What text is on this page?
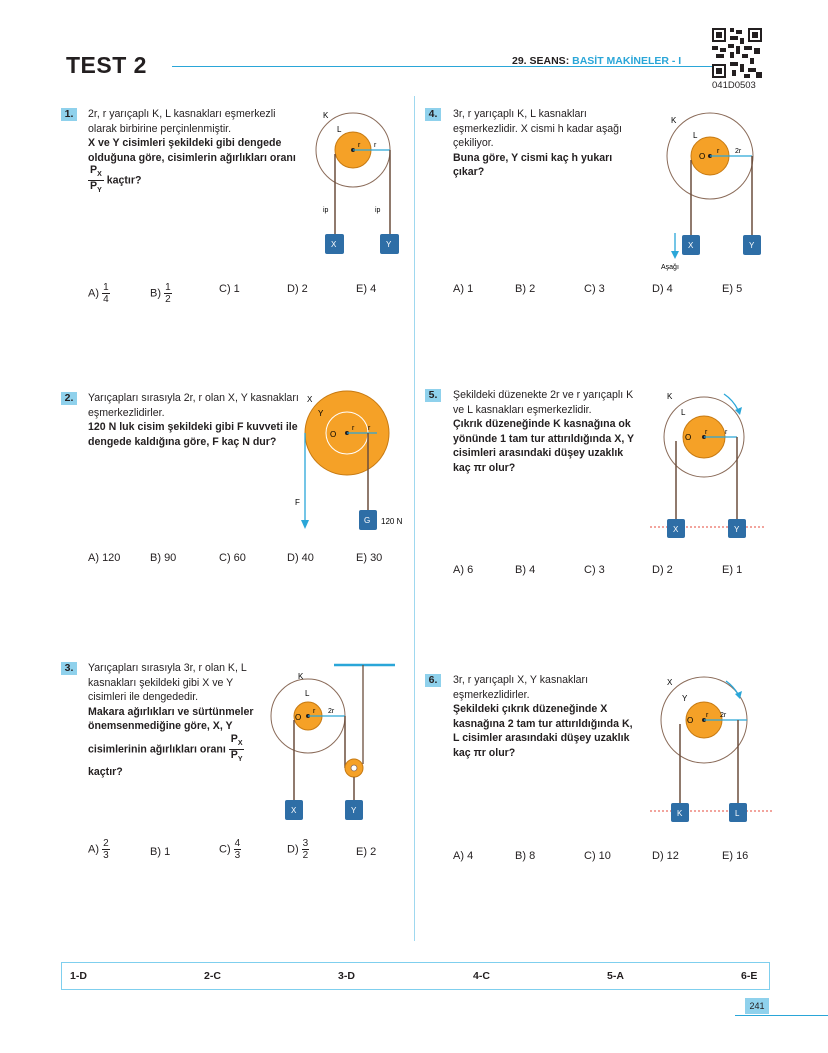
TEST 2	29. SEANS: BASİT MAKİNELER - I
041D0503
1.	2r, r yarıçaplı K, L kasnakları eşmerkezli olarak birbirine perçinlenmiştir.
X ve Y cisimleri şekildeki gibi dengede olduğuna göre, cisimlerin ağırlıkları oranı
$\frac{P_X}{P_Y}$ kaçtır?
K
L
r r
ip	ip
X	Y
$A) \frac{1}{4}$	$B) \frac{1}{2}$	C) 1	D) 2	E) 4
2.	Yarıçapları sırasıyla 2r, r olan X, Y kasnakları eşmerkezlidirler.
120 N luk cisim şekildeki gibi F kuvveti ile dengede kaldığına göre, F kaç N dur?
X
Y
O
r r
F
G 120 N
A) 120	B) 90	C) 60	D) 40	E) 30
3.	Yarıçapları sırasıyla 3r, r olan K, L kasnakları şekildeki gibi X ve Y cisimleri ile dengededir.
Makara ağırlıkları ve sürtünmeler önemsenmediğine göre, X, Y cisimlerinin ağırlıkları oranı $\frac{P_X}{P_Y}$
kaçtır?
K
L
O
r 2r
X	Y
$A) \frac{2}{3}$	B) 1	$C) \frac{4}{3}$	$D) \frac{3}{2}$	E) 2
4.	3r, r yarıçaplı K, L kasnakları eşmerkezlidir. X cismi h kadar aşağı çekiliyor.
Buna göre, Y cismi kaç h yukarı çıkar?
K
L
O
r 2r
X	Y
Aşağı
A) 1	B) 2	C) 3	D) 4	E) 5
5.	Şekildeki düzenekte 2r ve r yarıçaplı K ve L kasnakları eşmerkezlidir.
Çıkrık düzeneğinde K kasnağına ok yönünde 1 tam tur attırıldığında X, Y cisimleri arasındaki düşey uzaklık kaç πr olur?
K
L
O
r	r
X	Y
A) 6	B) 4	C) 3	D) 2	E) 1
6.	3r, r yarıçaplı X, Y kasnakları eşmerkezlidirler.
Şekildeki çıkrık düzeneğinde X kasnağına 2 tam tur attırıldığında K, L cisimler arasındaki düşey uzaklık kaç πr olur?
X
Y
O
r 2r
K	L
A) 4	B) 8	C) 10	D) 12	E) 16
1-D	2-C	3-D	4-C	5-A	6-E
241
